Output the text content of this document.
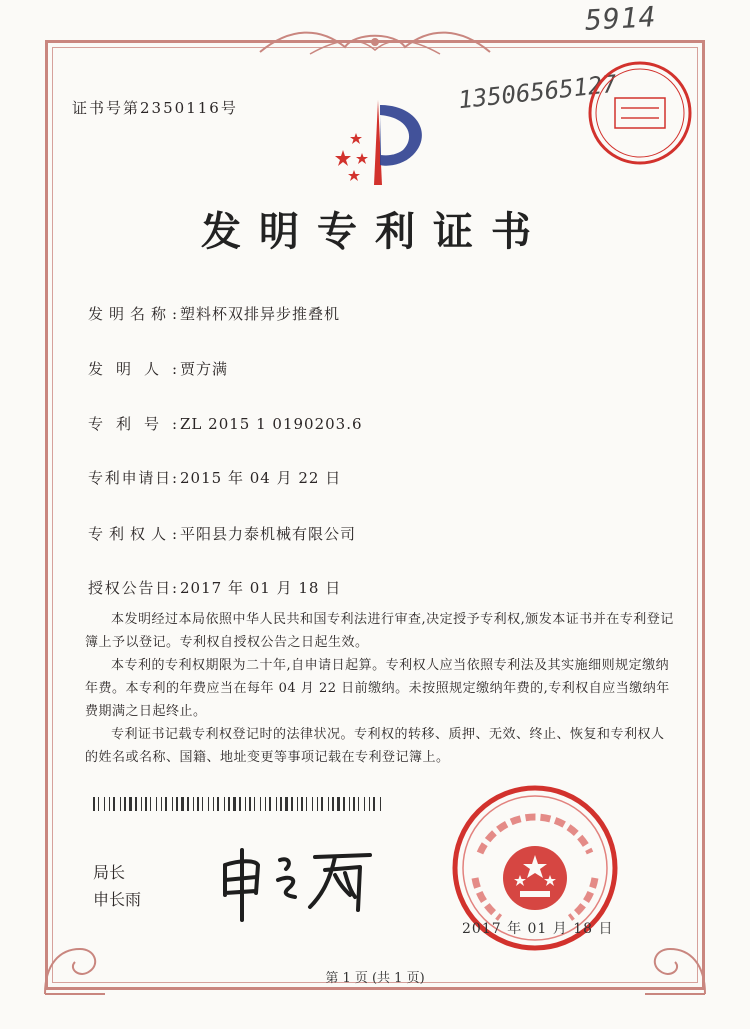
5914
13506565127
证书号第2350116号
发明专利证书
发明名称: 塑料杯双排异步推叠机
发明人: 贾方满
专利号: ZL 2015 1 0190203.6
专利申请日: 2015 年 04 月 22 日
专利权人: 平阳县力泰机械有限公司
授权公告日: 2017 年 01 月 18 日

本发明经过本局依照中华人民共和国专利法进行审查,决定授予专利权,颁发本证书并在专利登记簿上予以登记。专利权自授权公告之日起生效。

本专利的专利权期限为二十年,自申请日起算。专利权人应当依照专利法及其实施细则规定缴纳年费。本专利的年费应当在每年 04 月 22 日前缴纳。未按照规定缴纳年费的,专利权自应当缴纳年费期满之日起终止。

专利证书记载专利权登记时的法律状况。专利权的转移、质押、无效、终止、恢复和专利权人的姓名或名称、国籍、地址变更等事项记载在专利登记簿上。

局长
申长雨
2017 年 01 月 18 日
第 1 页 (共 1 页)
